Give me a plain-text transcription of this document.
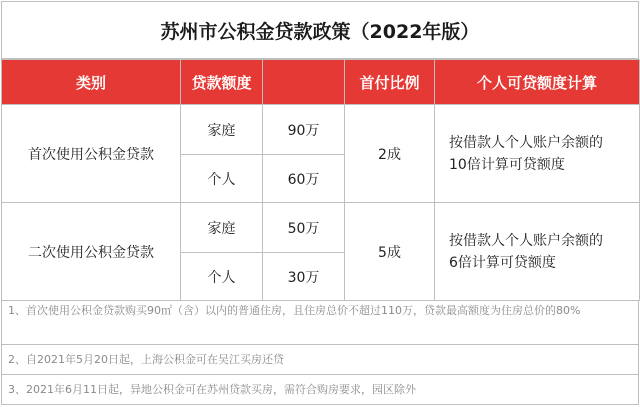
苏州市公积金贷款政策（2022年版）
类别	贷款额度		首付比例	个人可贷额度计算
首次使用公积金贷款	家庭	90万	2成	按借款人个人账户余额的
10倍计算可贷额度

	个人	60万		
二次使用公积金贷款	家庭	50万	5成	按借款人个人账户余额的
6倍计算可贷额度

	个人	30万		
1、首次使用公积金贷款购买90㎡（含）以内的普通住房，且住房总价不超过110万，贷款最高额度为住房总价的80%
2、自2021年5月20日起，上海公积金可在吴江买房还贷
3、2021年6月11日起，异地公积金可在苏州贷款买房，需符合购房要求，园区除外
